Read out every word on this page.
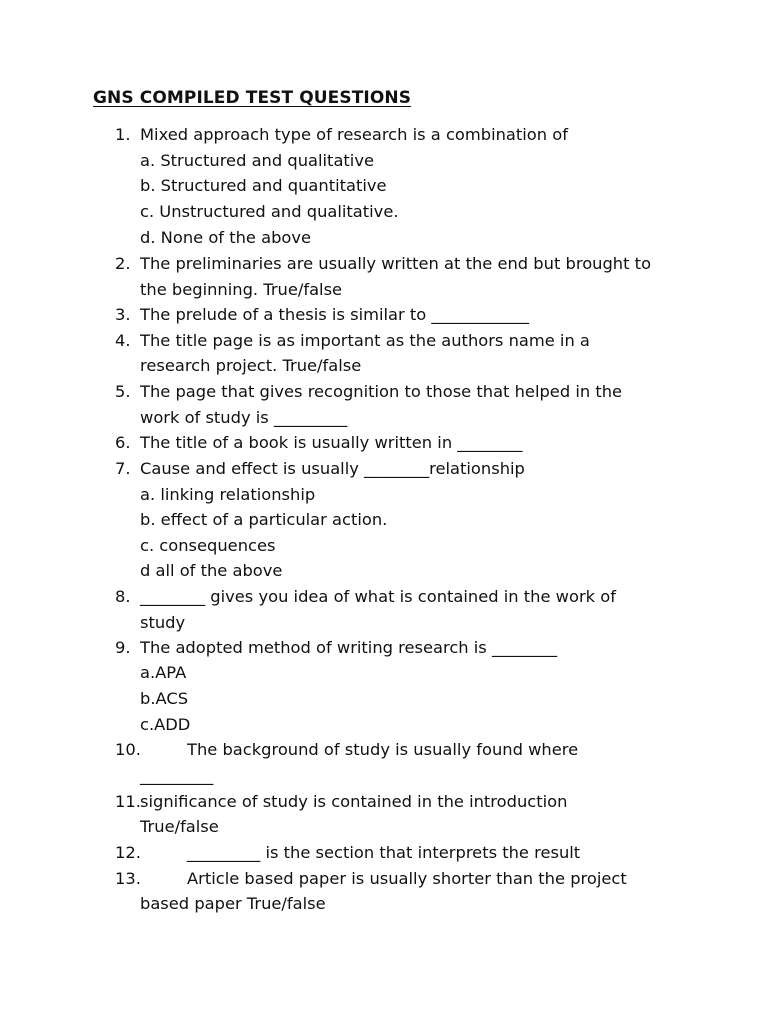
GNS COMPILED TEST QUESTIONS
1. Mixed approach type of research is a combination of
a. Structured and qualitative
b. Structured and quantitative
c. Unstructured and qualitative.
d. None of the above
2. The preliminaries are usually written at the end but brought to
the beginning. True/false
3. The prelude of a thesis is similar to ____________
4. The title page is as important as the authors name in a
research project. True/false
5. The page that gives recognition to those that helped in the
work of study is _________
6. The title of a book is usually written in ________
7. Cause and effect is usually ________relationship
a. linking relationship
b. effect of a particular action.
c. consequences
d all of the above
8. ________ gives you idea of what is contained in the work of
study
9. The adopted method of writing research is ________
a.APA
b.ACS
c.ADD
10.	The background of study is usually found where
_________
11. significance of study is contained in the introduction
True/false
12.	_________ is the section that interprets the result
13.	Article based paper is usually shorter than the project
based paper True/false
